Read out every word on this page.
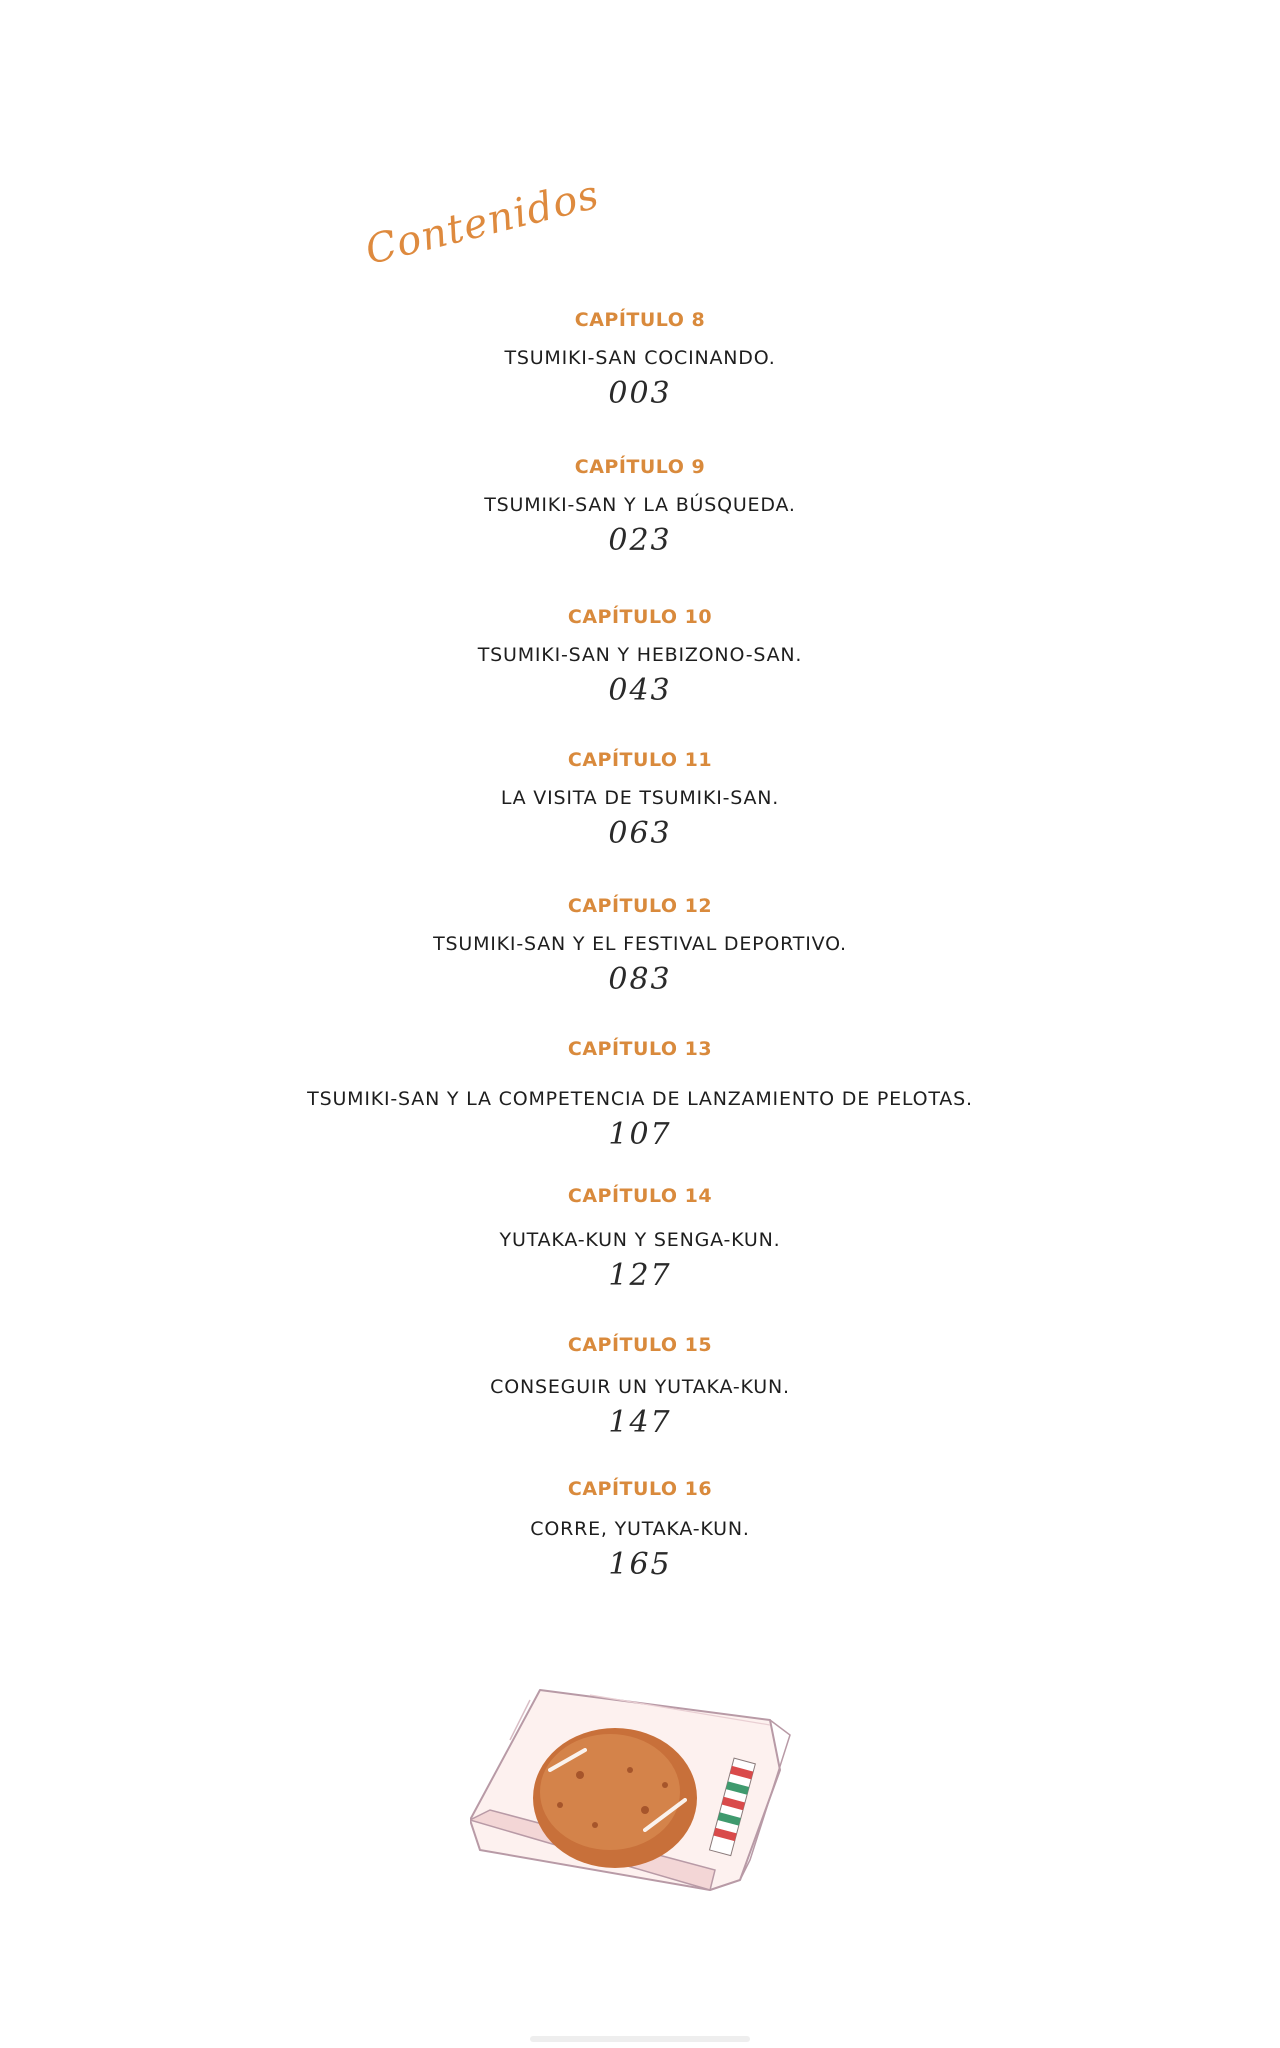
Contenidos
CAPÍTULO 8
TSUMIKI-SAN COCINANDO.
003
CAPÍTULO 9
TSUMIKI-SAN Y LA BÚSQUEDA.
023
CAPÍTULO 10
TSUMIKI-SAN Y HEBIZONO-SAN.
043
CAPÍTULO 11
LA VISITA DE TSUMIKI-SAN.
063
CAPÍTULO 12
TSUMIKI-SAN Y EL FESTIVAL DEPORTIVO.
083
CAPÍTULO 13
TSUMIKI-SAN Y LA COMPETENCIA DE LANZAMIENTO DE PELOTAS.
107
CAPÍTULO 14
YUTAKA-KUN Y SENGA-KUN.
127
CAPÍTULO 15
CONSEGUIR UN YUTAKA-KUN.
147
CAPÍTULO 16
CORRE, YUTAKA-KUN.
165
